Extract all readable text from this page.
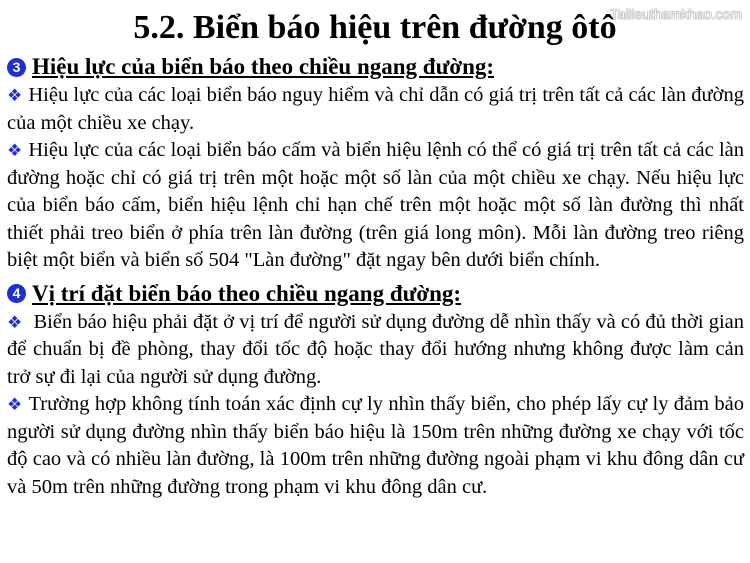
5.2. Biển báo hiệu trên đường ôtô
Tailieuthamkhao.com
3 Hiệu lực của biển báo theo chiều ngang đường:

❖ Hiệu lực của các loại biển báo nguy hiểm và chỉ dẫn có giá trị trên tất cả các làn đường của một chiều xe chạy.

❖ Hiệu lực của các loại biển báo cấm và biển hiệu lệnh có thể có giá trị trên tất cả các làn đường hoặc chỉ có giá trị trên một hoặc một số làn của một chiều xe chạy. Nếu hiệu lực của biển báo cấm, biển hiệu lệnh chỉ hạn chế trên một hoặc một số làn đường thì nhất thiết phải treo biển ở phía trên làn đường (trên giá long môn). Mỗi làn đường treo riêng biệt một biển và biển số 504 "Làn đường" đặt ngay bên dưới biển chính.

4 Vị trí đặt biển báo theo chiều ngang đường:

❖ Biển báo hiệu phải đặt ở vị trí để người sử dụng đường dễ nhìn thấy và có đủ thời gian để chuẩn bị đề phòng, thay đổi tốc độ hoặc thay đổi hướng nhưng không được làm cản trở sự đi lại của người sử dụng đường.

❖ Trường hợp không tính toán xác định cự ly nhìn thấy biển, cho phép lấy cự ly đảm bảo người sử dụng đường nhìn thấy biển báo hiệu là 150m trên những đường xe chạy với tốc độ cao và có nhiều làn đường, là 100m trên những đường ngoài phạm vi khu đông dân cư và 50m trên những đường trong phạm vi khu đông dân cư.
